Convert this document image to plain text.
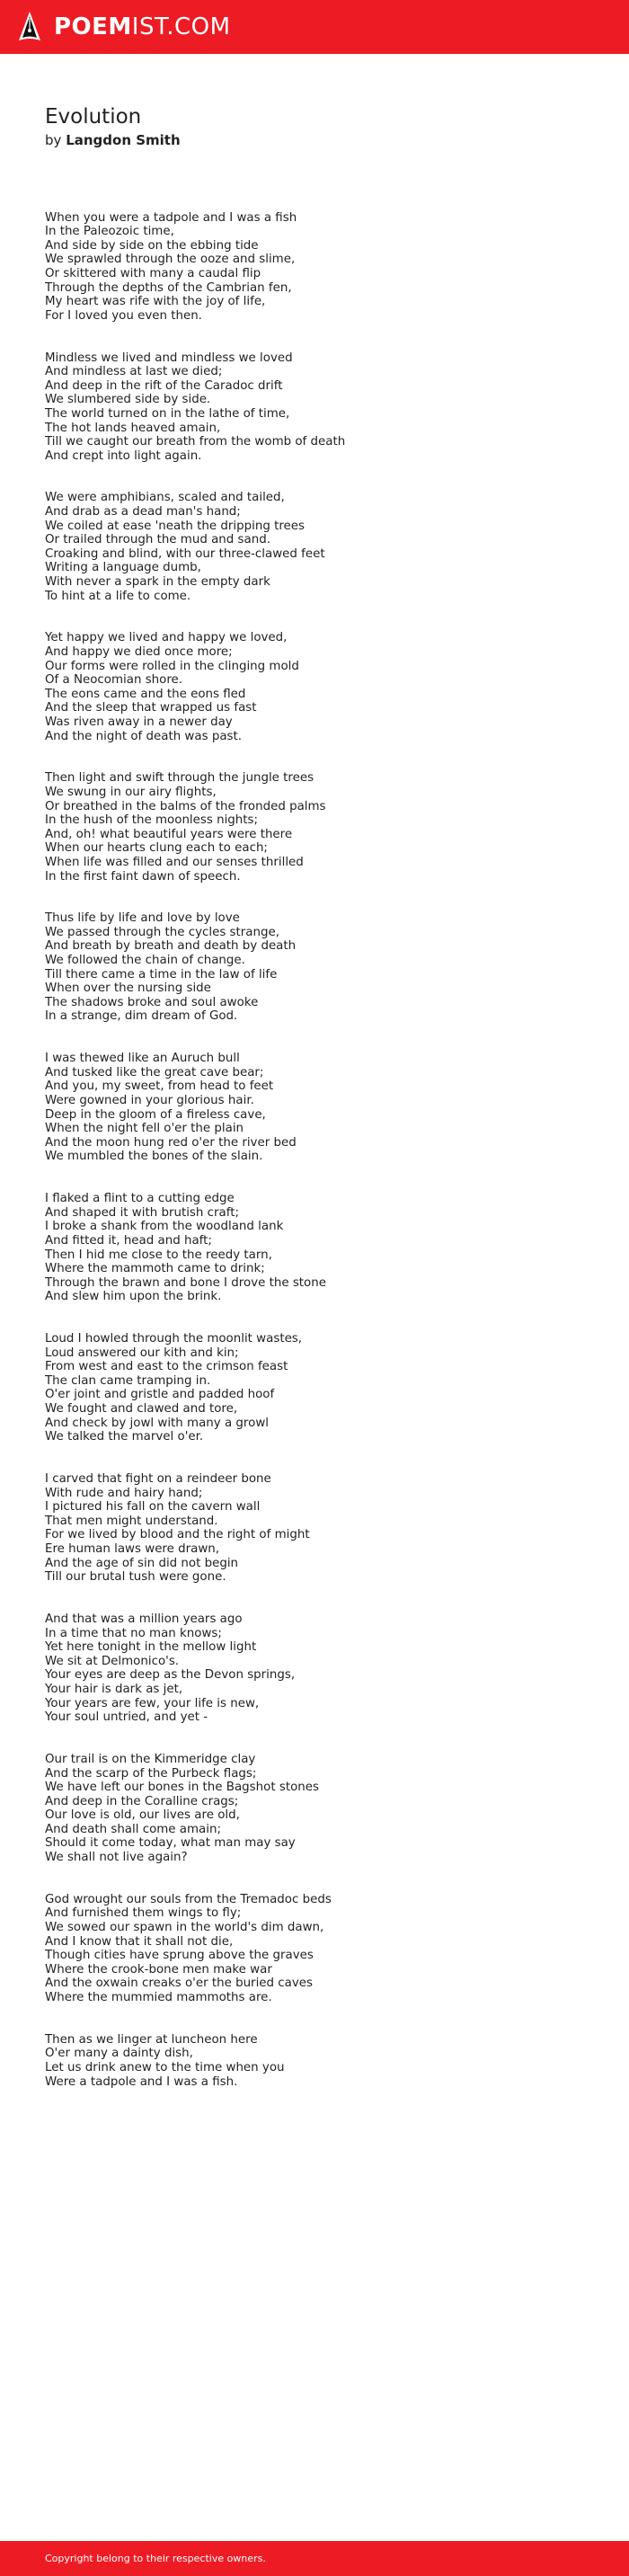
POEMIST.COM
Evolution
by Langdon Smith

When you were a tadpole and I was a fish
In the Paleozoic time,
And side by side on the ebbing tide
We sprawled through the ooze and slime,
Or skittered with many a caudal flip
Through the depths of the Cambrian fen,
My heart was rife with the joy of life,
For I loved you even then.

Mindless we lived and mindless we loved
And mindless at last we died;
And deep in the rift of the Caradoc drift
We slumbered side by side.
The world turned on in the lathe of time,
The hot lands heaved amain,
Till we caught our breath from the womb of death
And crept into light again.

We were amphibians, scaled and tailed,
And drab as a dead man's hand;
We coiled at ease 'neath the dripping trees
Or trailed through the mud and sand.
Croaking and blind, with our three-clawed feet
Writing a language dumb,
With never a spark in the empty dark
To hint at a life to come.

Yet happy we lived and happy we loved,
And happy we died once more;
Our forms were rolled in the clinging mold
Of a Neocomian shore.
The eons came and the eons fled
And the sleep that wrapped us fast
Was riven away in a newer day
And the night of death was past.

Then light and swift through the jungle trees
We swung in our airy flights,
Or breathed in the balms of the fronded palms
In the hush of the moonless nights;
And, oh! what beautiful years were there
When our hearts clung each to each;
When life was filled and our senses thrilled
In the first faint dawn of speech.

Thus life by life and love by love
We passed through the cycles strange,
And breath by breath and death by death
We followed the chain of change.
Till there came a time in the law of life
When over the nursing side
The shadows broke and soul awoke
In a strange, dim dream of God.

I was thewed like an Auruch bull
And tusked like the great cave bear;
And you, my sweet, from head to feet
Were gowned in your glorious hair.
Deep in the gloom of a fireless cave,
When the night fell o'er the plain
And the moon hung red o'er the river bed
We mumbled the bones of the slain.

I flaked a flint to a cutting edge
And shaped it with brutish craft;
I broke a shank from the woodland lank
And fitted it, head and haft;
Then I hid me close to the reedy tarn,
Where the mammoth came to drink;
Through the brawn and bone I drove the stone
And slew him upon the brink.

Loud I howled through the moonlit wastes,
Loud answered our kith and kin;
From west and east to the crimson feast
The clan came tramping in.
O'er joint and gristle and padded hoof
We fought and clawed and tore,
And check by jowl with many a growl
We talked the marvel o'er.

I carved that fight on a reindeer bone
With rude and hairy hand;
I pictured his fall on the cavern wall
That men might understand.
For we lived by blood and the right of might
Ere human laws were drawn,
And the age of sin did not begin
Till our brutal tush were gone.

And that was a million years ago
In a time that no man knows;
Yet here tonight in the mellow light
We sit at Delmonico's.
Your eyes are deep as the Devon springs,
Your hair is dark as jet,
Your years are few, your life is new,
Your soul untried, and yet -

Our trail is on the Kimmeridge clay
And the scarp of the Purbeck flags;
We have left our bones in the Bagshot stones
And deep in the Coralline crags;
Our love is old, our lives are old,
And death shall come amain;
Should it come today, what man may say
We shall not live again?

God wrought our souls from the Tremadoc beds
And furnished them wings to fly;
We sowed our spawn in the world's dim dawn,
And I know that it shall not die,
Though cities have sprung above the graves
Where the crook-bone men make war
And the oxwain creaks o'er the buried caves
Where the mummied mammoths are.

Then as we linger at luncheon here
O'er many a dainty dish,
Let us drink anew to the time when you
Were a tadpole and I was a fish.

Copyright belong to their respective owners.
